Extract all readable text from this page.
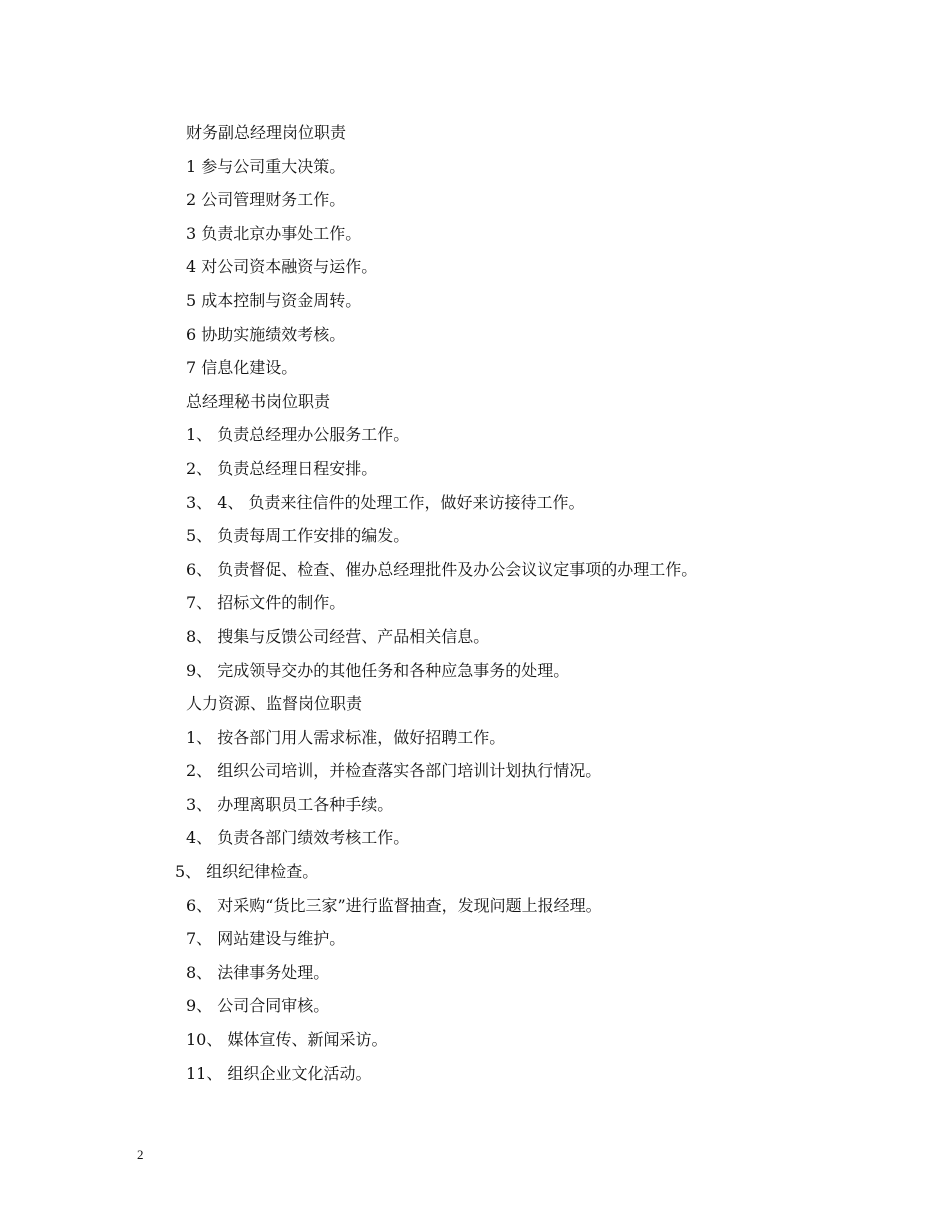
财务副总经理岗位职责
1 参与公司重大决策。
2 公司管理财务工作。
3 负责北京办事处工作。
4 对公司资本融资与运作。
5 成本控制与资金周转。
6 协助实施绩效考核。
7 信息化建设。
总经理秘书岗位职责
1、 负责总经理办公服务工作。
2、 负责总经理日程安排。
3、 4、 负责来往信件的处理工作，做好来访接待工作。
5、 负责每周工作安排的编发。
6、 负责督促、检查、催办总经理批件及办公会议议定事项的办理工作。
7、 招标文件的制作。
8、 搜集与反馈公司经营、产品相关信息。
9、 完成领导交办的其他任务和各种应急事务的处理。
人力资源、监督岗位职责
1、 按各部门用人需求标准，做好招聘工作。
2、 组织公司培训，并检查落实各部门培训计划执行情况。
3、 办理离职员工各种手续。
4、 负责各部门绩效考核工作。
5、 组织纪律检查。
6、 对采购“货比三家”进行监督抽查，发现问题上报经理。
7、 网站建设与维护。
8、 法律事务处理。
9、 公司合同审核。
10、 媒体宣传、新闻采访。
11、 组织企业文化活动。
2
